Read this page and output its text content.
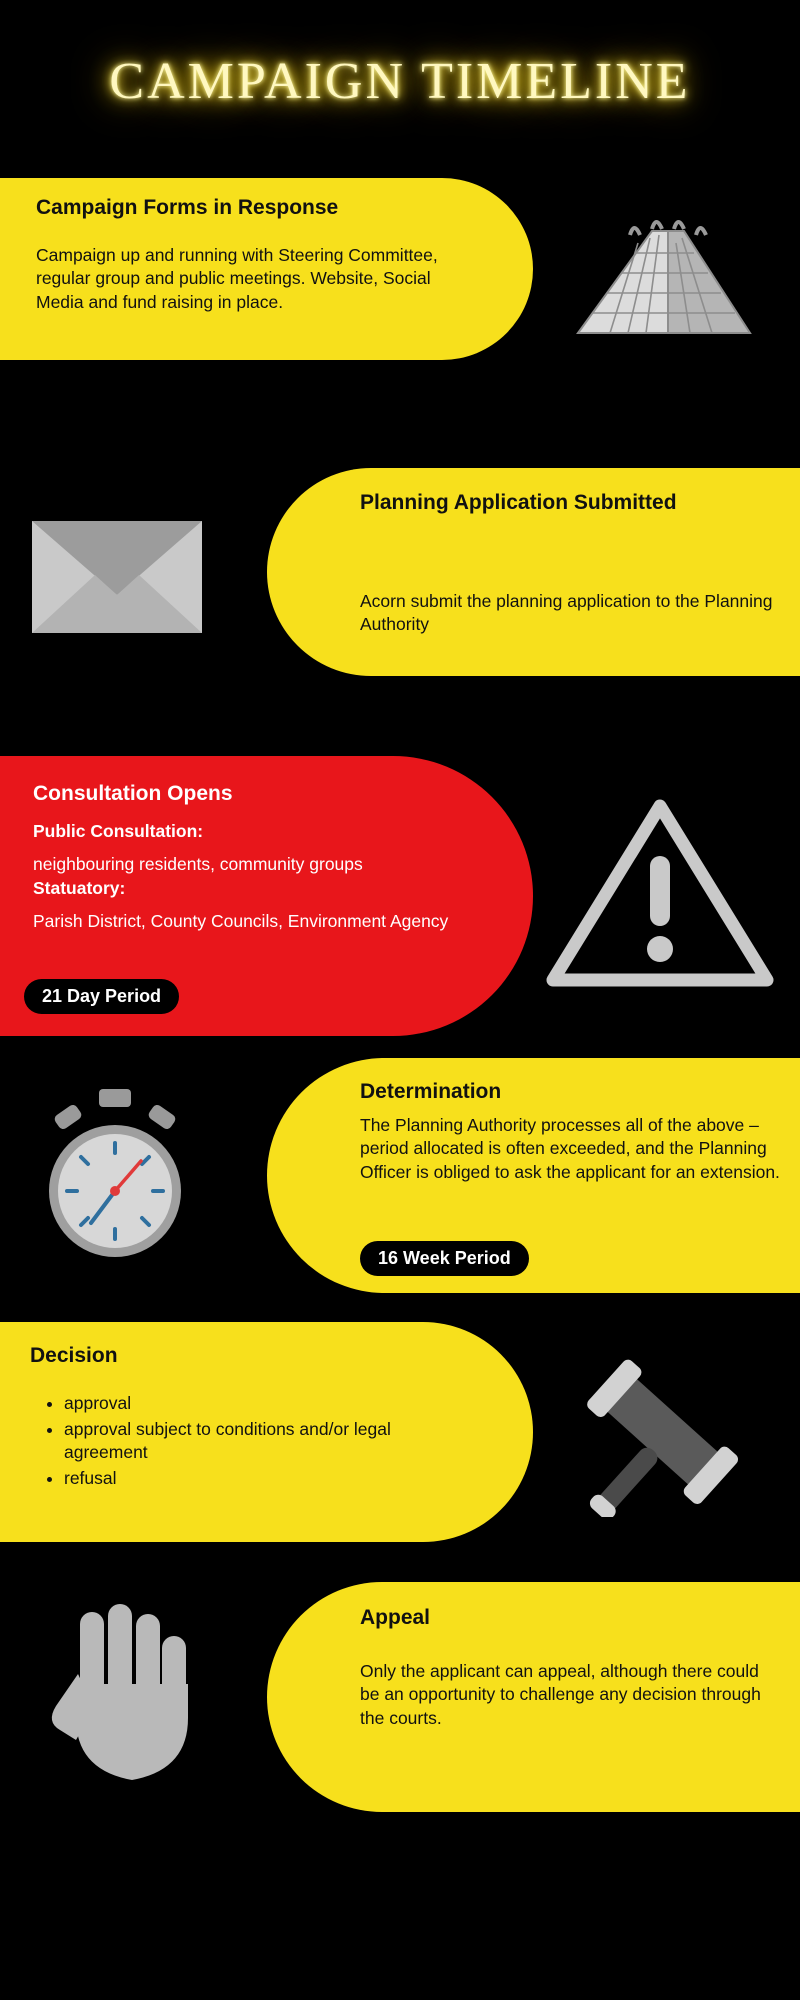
CAMPAIGN TIMELINE

Campaign Forms in Response

Campaign up and running with Steering Committee, regular group and public meetings. Website, Social Media and fund raising in place.

Planning Application Submitted

Acorn submit the planning application to the Planning Authority

Consultation Opens

Public Consultation:

neighbouring residents, community groups

Statuatory:

Parish District, County Councils, Environment Agency

21 Day Period

Determination

The Planning Authority processes all of the above – period allocated is often exceeded, and the Planning Officer is obliged to ask the applicant for an extension.

16 Week Period

Decision

• approval
• approval subject to conditions and/or legal agreement
• refusal

Appeal

Only the applicant can appeal, although there could be an opportunity to challenge any decision through the courts.
